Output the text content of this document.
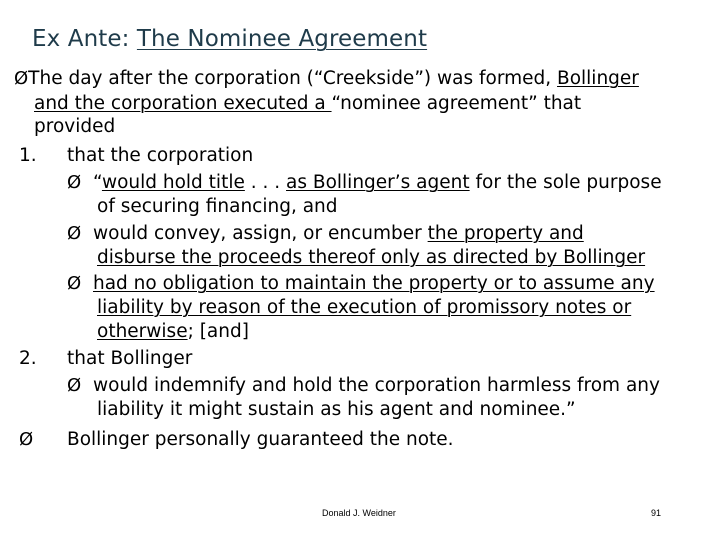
Ex Ante: The Nominee Agreement
ØThe day after the corporation (“Creekside”) was formed, Bollinger
and the corporation executed a “nominee agreement” that
provided
1. that the corporation
Ø “would hold title . . . as Bollinger’s agent for the sole purpose
of securing financing, and
Ø would convey, assign, or encumber the property and
disburse the proceeds thereof only as directed by Bollinger
Ø had no obligation to maintain the property or to assume any
liability by reason of the execution of promissory notes or
otherwise; [and]
2. that Bollinger
Ø would indemnify and hold the corporation harmless from any
liability it might sustain as his agent and nominee.”
Ø Bollinger personally guaranteed the note.
Donald J. Weidner	91
